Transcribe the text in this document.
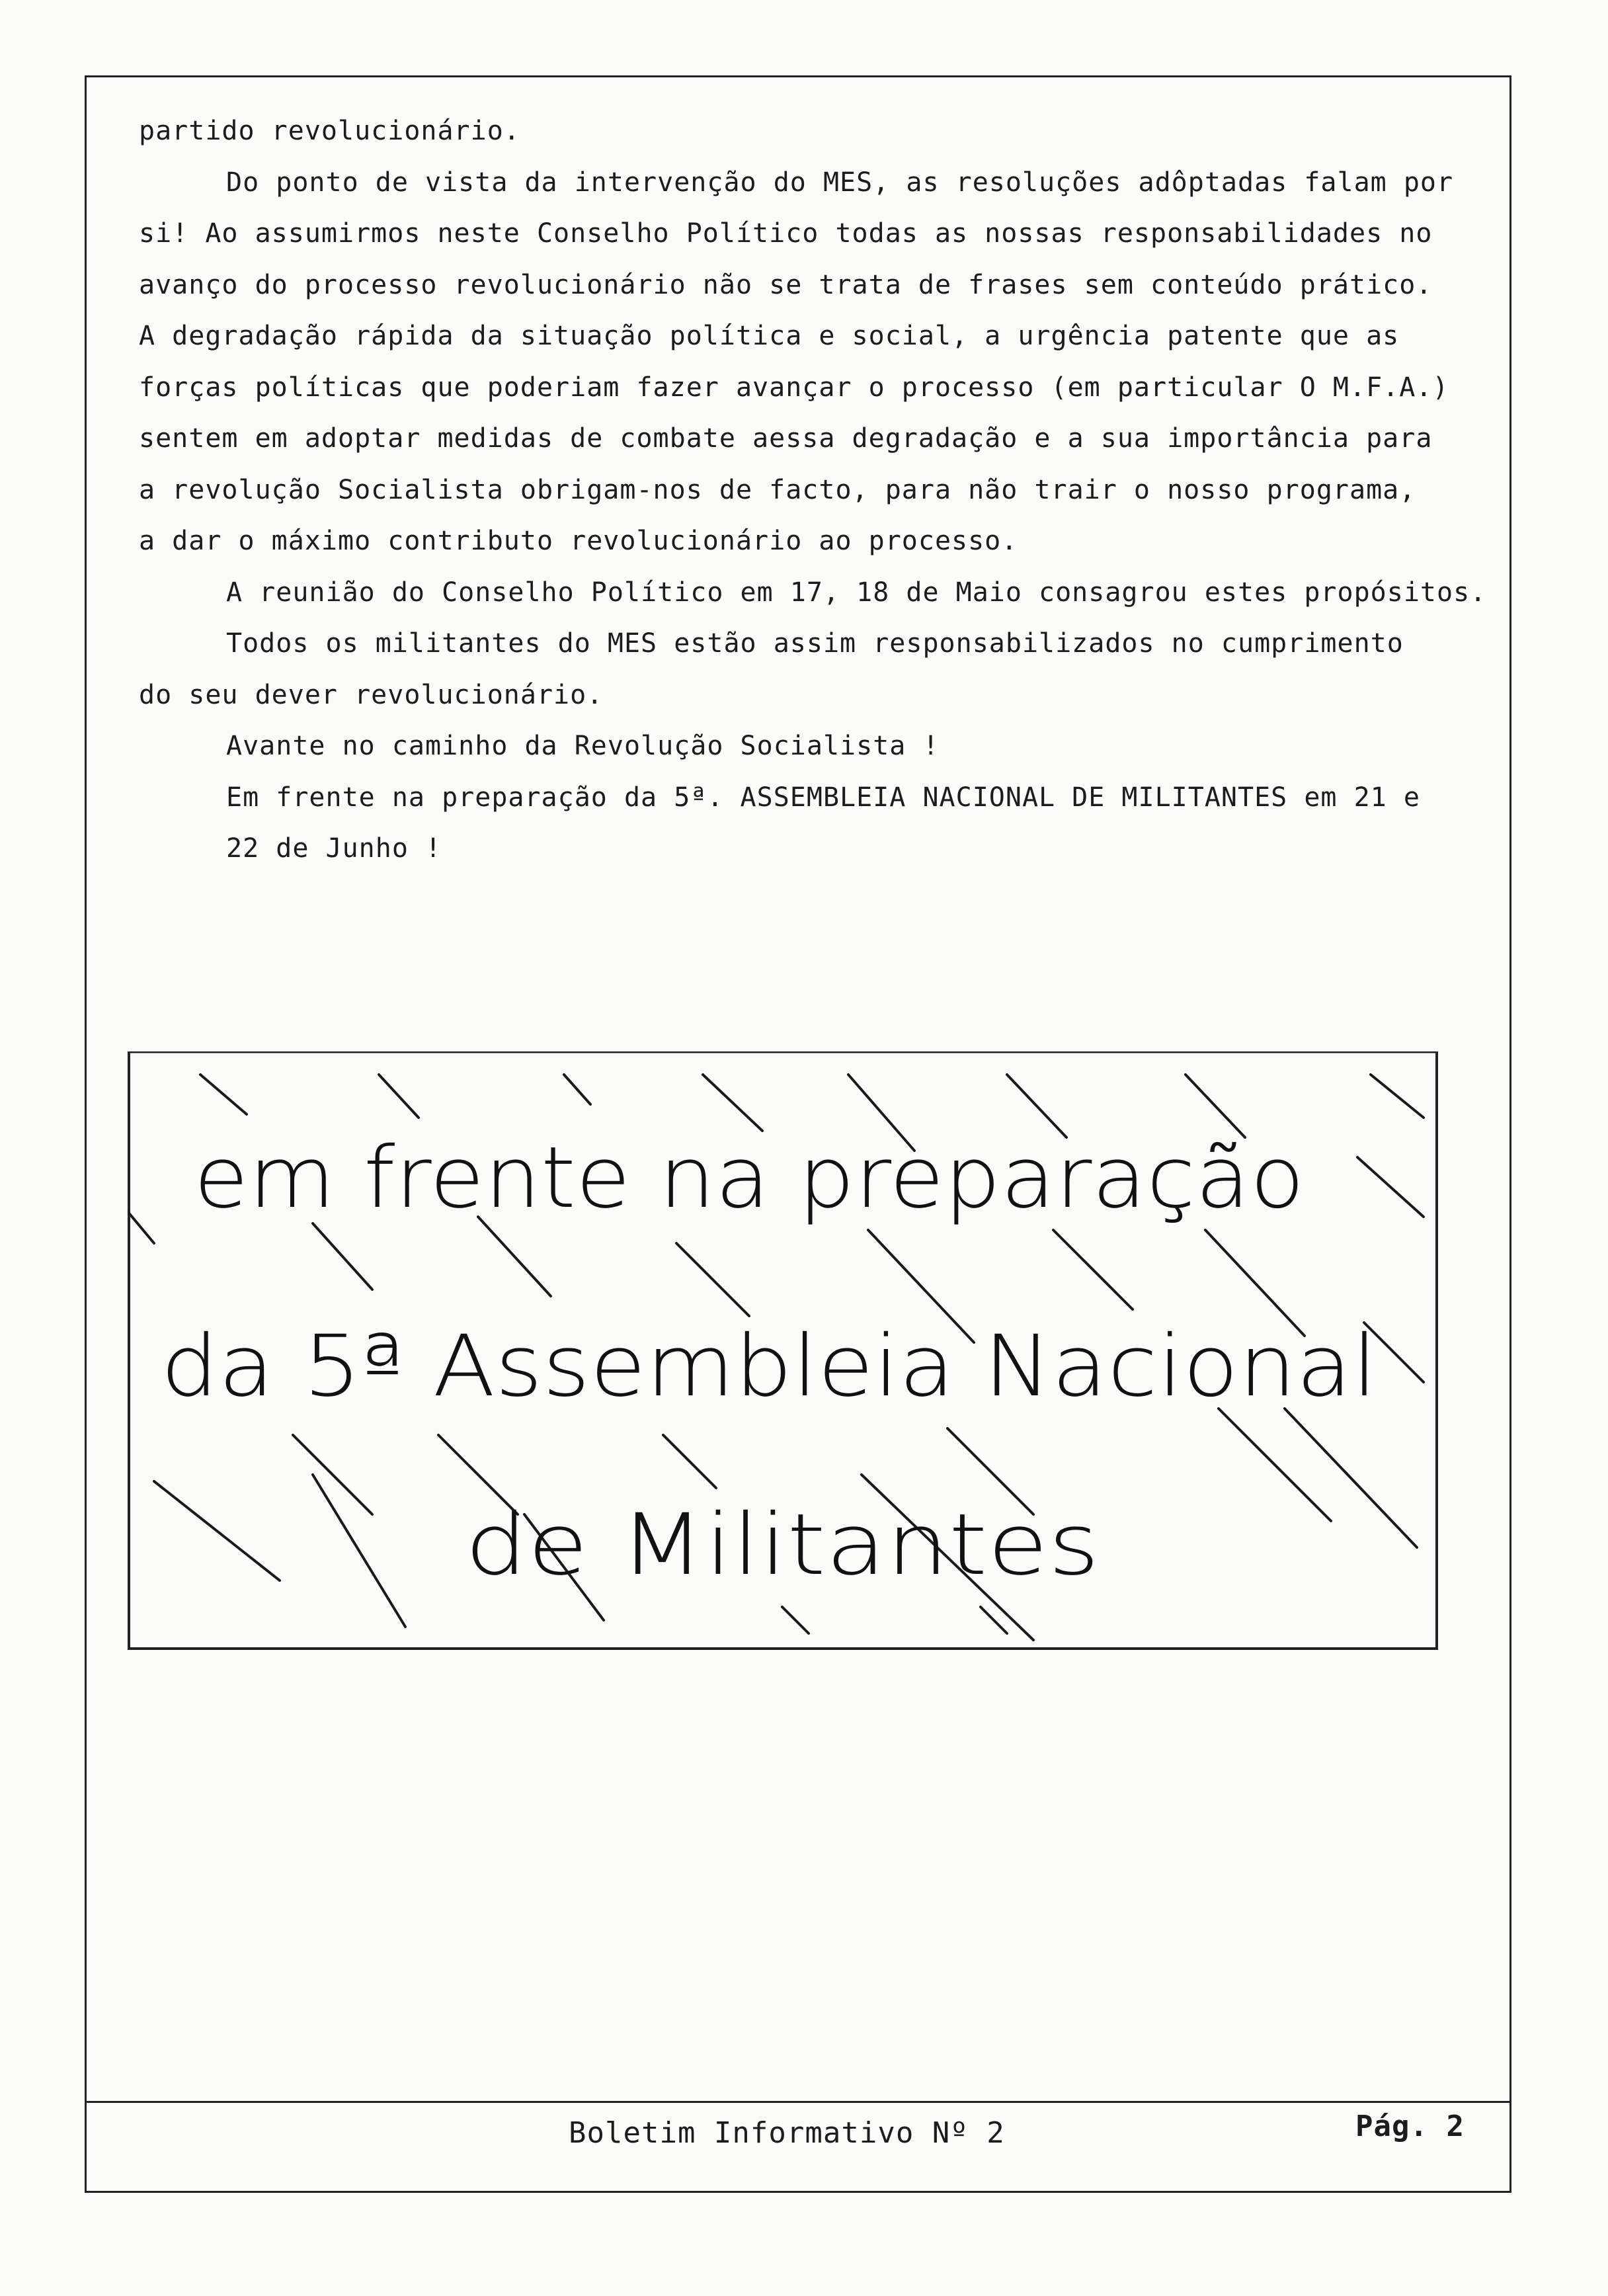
partido revolucionário.

Do ponto de vista da intervenção do MES, as resoluções adôptadas falam por

si! Ao assumirmos neste Conselho Político todas as nossas responsabilidades no

avanço do processo revolucionário não se trata de frases sem conteúdo prático.

A degradação rápida da situação política e social, a urgência patente que as

forças políticas que poderiam fazer avançar o processo (em particular O M.F.A.)

sentem em adoptar medidas de combate aessa degradação e a sua importância para

a revolução Socialista obrigam-nos de facto, para não trair o nosso programa,

a dar o máximo contributo revolucionário ao processo.

A reunião do Conselho Político em 17, 18 de Maio consagrou estes propósitos.

Todos os militantes do MES estão assim responsabilizados no cumprimento

do seu dever revolucionário.

Avante no caminho da Revolução Socialista !

Em frente na preparação da 5ª. ASSEMBLEIA NACIONAL DE MILITANTES em 21 e

22 de Junho !

em frente na preparação
da 5ª Assembleia Nacional
de Militantes
Boletim Informativo Nº 2	Pág. 2
